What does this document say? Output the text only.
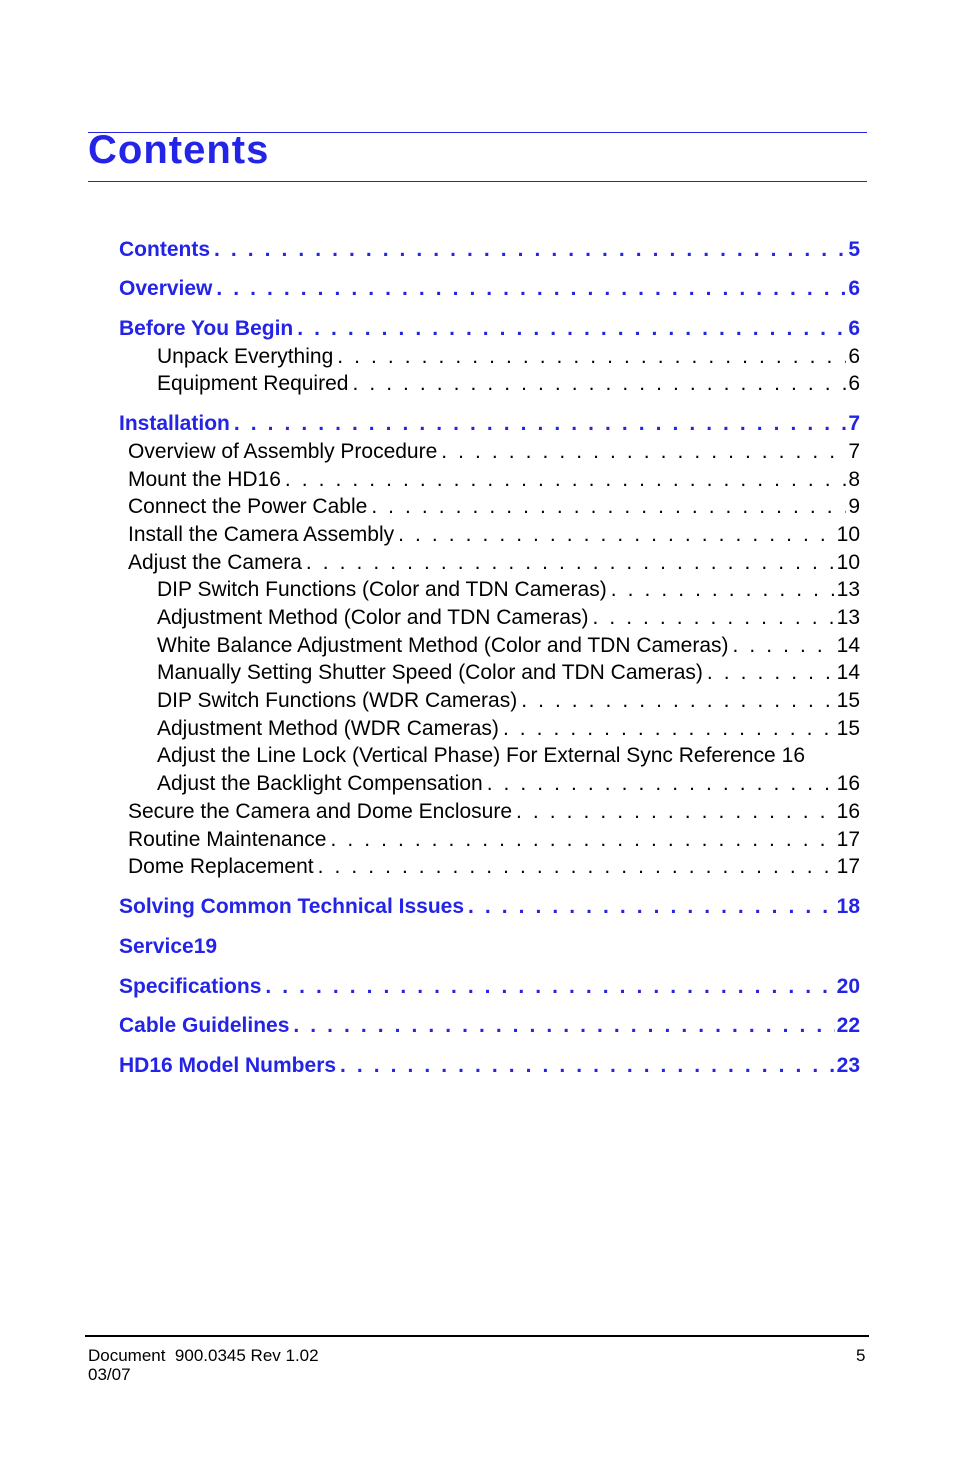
Contents
Contents . . .	5
Overview . . .	6
Before You Begin . . .	6
Unpack Everything . . .	6
Equipment Required . . .	6
Installation . . .	7
Overview of Assembly Procedure . . .	7
Mount the HD16 . . .	8
Connect the Power Cable . . .	9
Install the Camera Assembly . . .	10
Adjust the Camera . . .	10
DIP Switch Functions (Color and TDN Cameras) . . .	13
Adjustment Method (Color and TDN Cameras) . . .	13
White Balance Adjustment Method (Color and TDN Cameras) . . .	14
Manually Setting Shutter Speed (Color and TDN Cameras) . . .	14
DIP Switch Functions (WDR Cameras) . . .	15
Adjustment Method (WDR Cameras) . . .	15
Adjust the Line Lock (Vertical Phase) For External Sync Reference 16
Adjust the Backlight Compensation . . .	16
Secure the Camera and Dome Enclosure . . .	16
Routine Maintenance . . .	17
Dome Replacement . . .	17
Solving Common Technical Issues . . .	18
Service 19
Specifications . . .	20
Cable Guidelines . . .	22
HD16 Model Numbers . . .	23
Document  900.0345 Rev 1.02
03/07
5
